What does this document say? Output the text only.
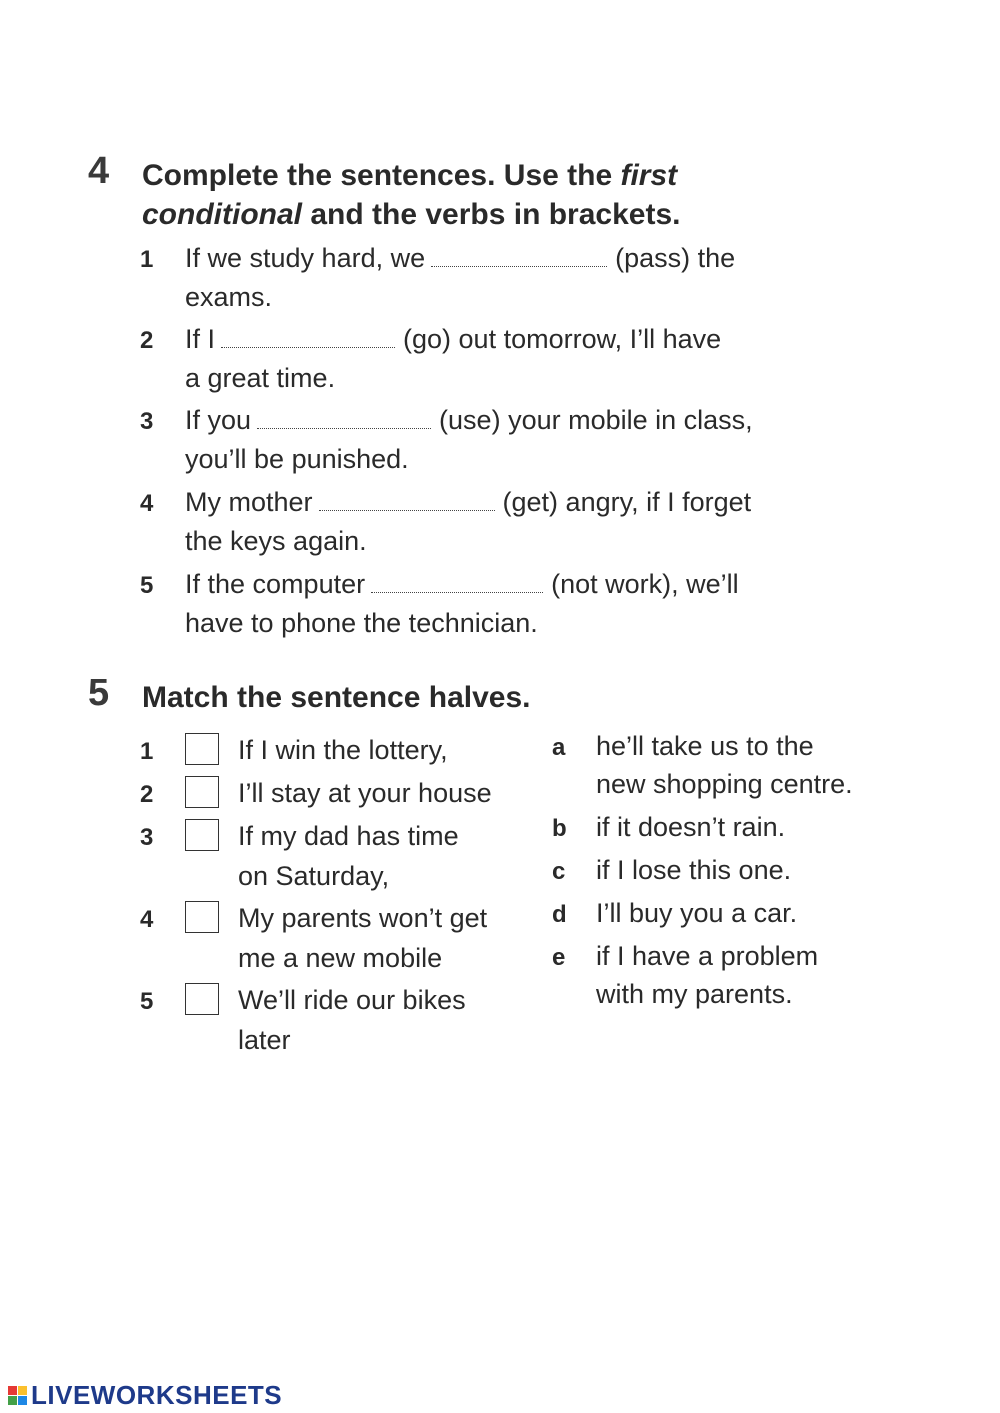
4 Complete the sentences. Use the first
conditional and the verbs in brackets.
1 If we study hard, we	(pass) the
exams.
2 If I	(go) out tomorrow, I’ll have
a great time.
3 If you	(use) your mobile in class,
you’ll be punished.
4 My mother	(get) angry, if I forget
the keys again.
5 If the computer	(not work), we’ll
have to phone the technician.
5 Match the sentence halves.
1	If I win the lottery,
2	I’ll stay at your house
3	If my dad has time
on Saturday,
4	My parents won’t get
me a new mobile
5	We’ll ride our bikes
later
a he’ll take us to the
new shopping centre.
b if it doesn’t rain.
c if I lose this one.
d I’ll buy you a car.
e if I have a problem
with my parents.
LIVEWORKSHEETS
